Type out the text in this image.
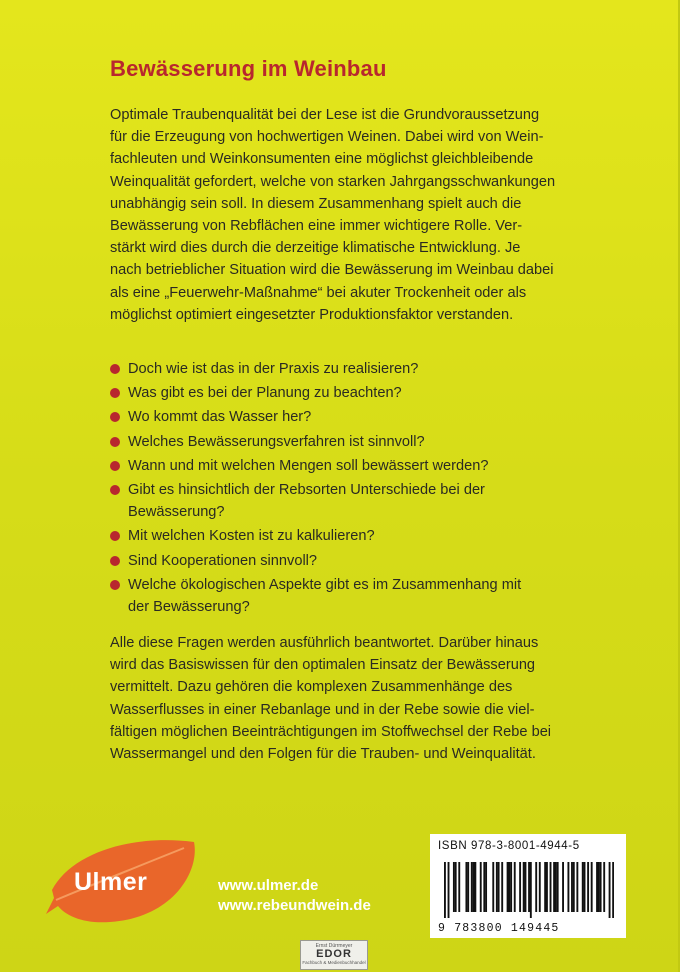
Bewässerung im Weinbau
Optimale Traubenqualität bei der Lese ist die Grundvoraussetzung
für die Erzeugung von hochwertigen Weinen. Dabei wird von Wein-
fachleuten und Weinkonsumenten eine möglichst gleichbleibende
Weinqualität gefordert, welche von starken Jahrgangsschwankungen
unabhängig sein soll. In diesem Zusammenhang spielt auch die
Bewässerung von Rebflächen eine immer wichtigere Rolle. Ver-
stärkt wird dies durch die derzeitige klimatische Entwicklung. Je
nach betrieblicher Situation wird die Bewässerung im Weinbau dabei
als eine „Feuerwehr-Maßnahme“ bei akuter Trockenheit oder als
möglichst optimiert eingesetzter Produktionsfaktor verstanden.
Doch wie ist das in der Praxis zu realisieren?
Was gibt es bei der Planung zu beachten?
Wo kommt das Wasser her?
Welches Bewässerungsverfahren ist sinnvoll?
Wann und mit welchen Mengen soll bewässert werden?
Gibt es hinsichtlich der Rebsorten Unterschiede bei der
Bewässerung?
Mit welchen Kosten ist zu kalkulieren?
Sind Kooperationen sinnvoll?
Welche ökologischen Aspekte gibt es im Zusammenhang mit
der Bewässerung?
Alle diese Fragen werden ausführlich beantwortet. Darüber hinaus
wird das Basiswissen für den optimalen Einsatz der Bewässerung
vermittelt. Dazu gehören die komplexen Zusammenhänge des
Wasserflusses in einer Rebanlage und in der Rebe sowie die viel-
fältigen möglichen Beeinträchtigungen im Stoffwechsel der Rebe bei
Wassermangel und den Folgen für die Trauben- und Weinqualität.
Ulmer	www.ulmer.de
www.rebeundwein.de
ISBN 978-3-8001-4944-5
9 783800 149445
Ernst Dürrmeyer
EDOR
Fachbuch & Medienbuchhandel
